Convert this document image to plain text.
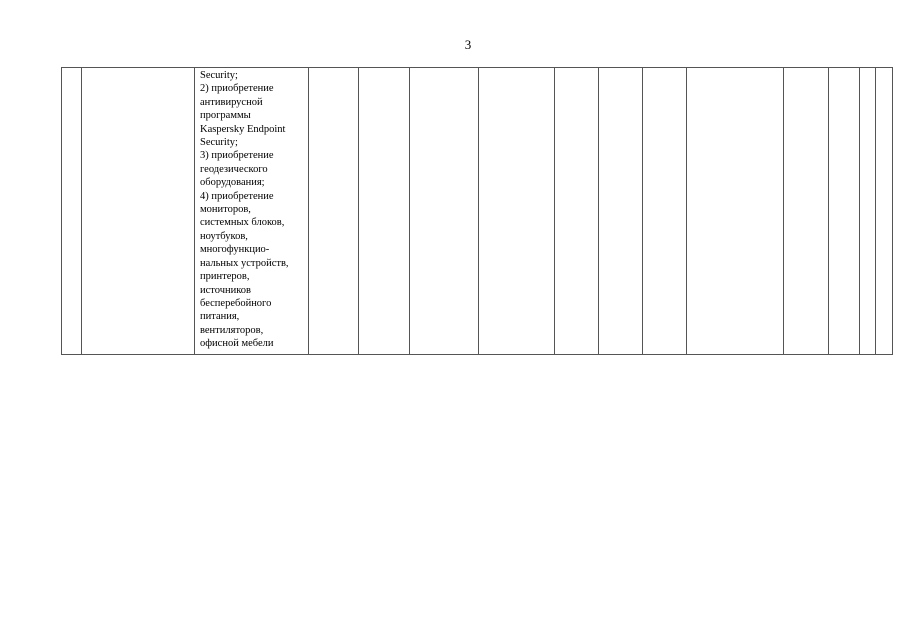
3
		Security;
2) приобретение
антивирусной
программы
Kaspersky Endpoint
Security;
3) приобретение
геодезического
оборудования;
4) приобретение
мониторов,
системных блоков,
ноутбуков,
многофункцио-
нальных устройств,
принтеров,
источников
бесперебойного
питания,
вентиляторов,
офисной мебели												
